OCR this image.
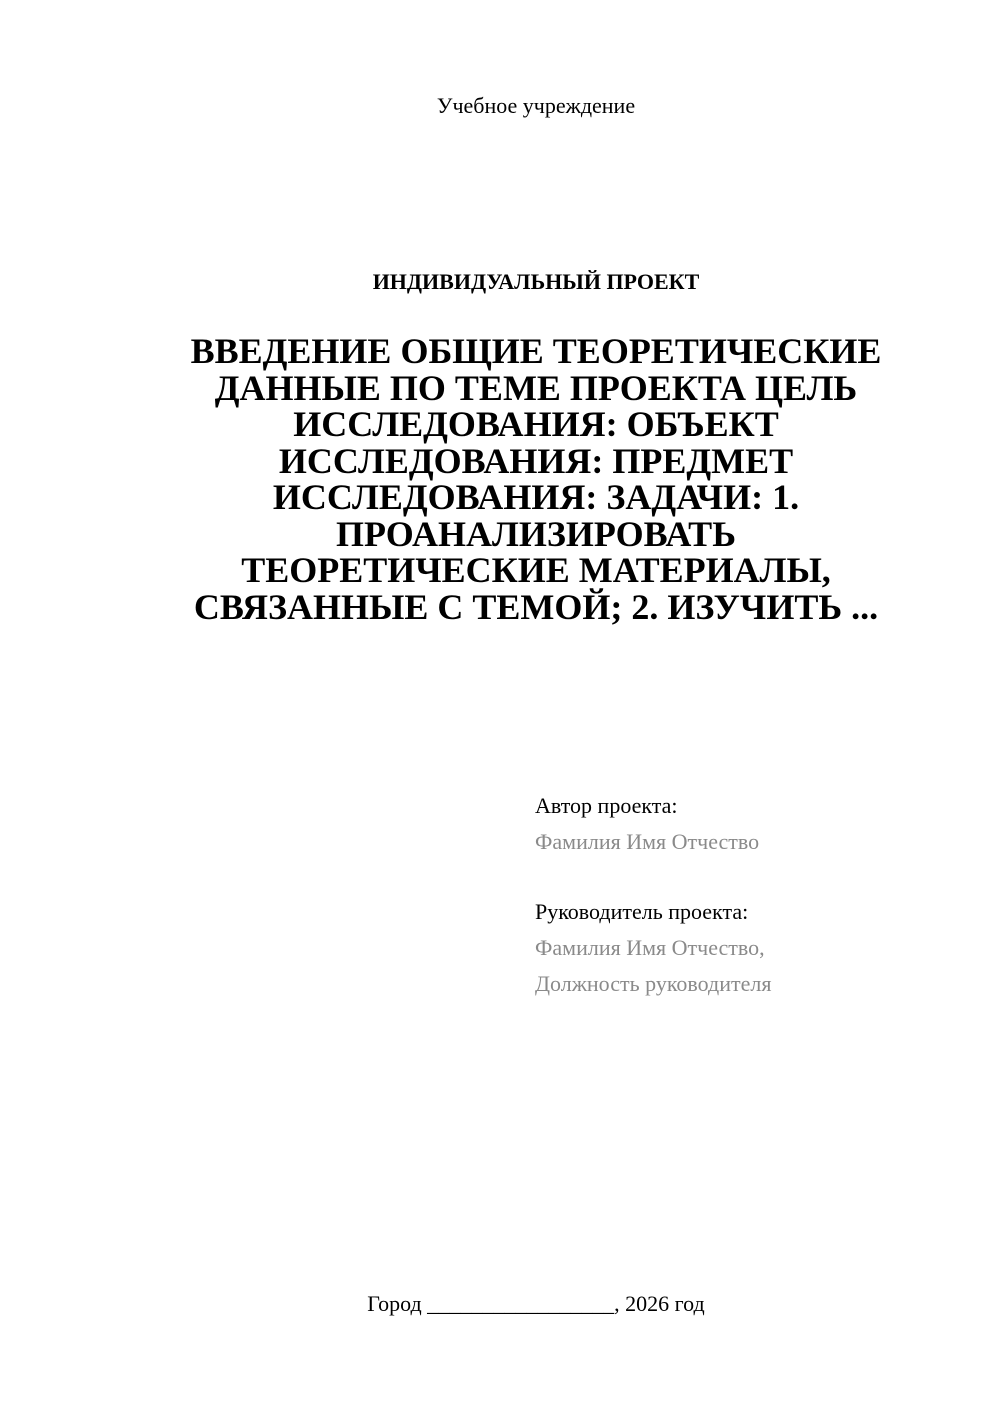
Учебное учреждение
ИНДИВИДУАЛЬНЫЙ ПРОЕКТ
ВВЕДЕНИЕ ОБЩИЕ ТЕОРЕТИЧЕСКИЕ
ДАННЫЕ ПО ТЕМЕ ПРОЕКТА ЦЕЛЬ
ИССЛЕДОВАНИЯ: ОБЪЕКТ
ИССЛЕДОВАНИЯ: ПРЕДМЕТ
ИССЛЕДОВАНИЯ: ЗАДАЧИ: 1.
ПРОАНАЛИЗИРОВАТЬ
ТЕОРЕТИЧЕСКИЕ МАТЕРИАЛЫ,
СВЯЗАННЫЕ С ТЕМОЙ; 2. ИЗУЧИТЬ ...
Автор проекта:
Фамилия Имя Отчество
Руководитель проекта:
Фамилия Имя Отчество,
Должность руководителя
Город _________________, 2026 год
